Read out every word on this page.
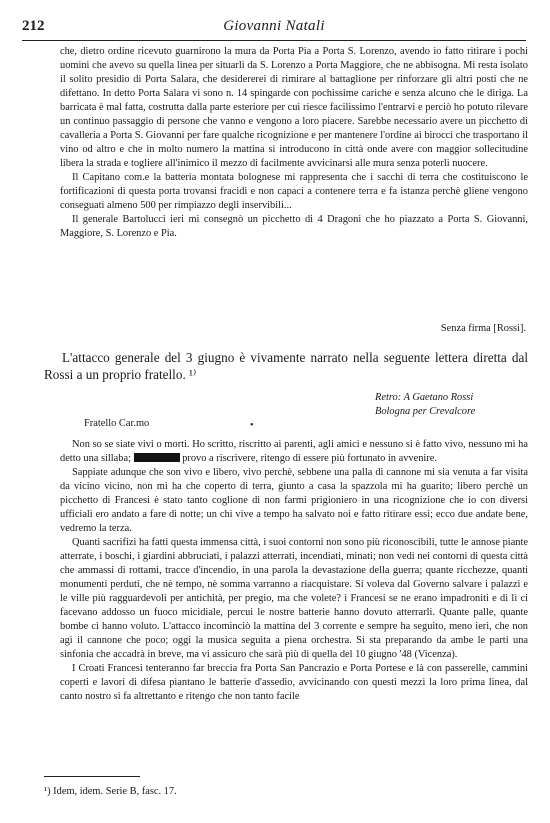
212	Giovanni Natali

che, dietro ordine ricevuto guarnirono la mura da Porta Pia a Porta S. Lorenzo, avendo io fatto ritirare i pochi uomini che avevo su quella linea per situarli da S. Lorenzo a Porta Maggiore, che ne abbisogna. Mi resta isolato il solito presidio di Porta Salara, che desidererei di rimirare al battaglione per rinforzare gli altri posti che ne difettano. In detto Porta Salara vi sono n. 14 spingarde con pochissime cariche e senza alcuno che le diriga. La barricata è mal fatta, costrutta dalla parte esteriore per cui riesce facilissimo l'entrarvi e perciò ho potuto rilevare un continuo passaggio di persone che vanno e vengono a loro piacere. Sarebbe necessario avere un picchetto di cavalleria a Porta S. Giovanni per fare qualche ricognizione e per mantenere l'ordine ai birocci che trasportano il vino od altro e che in molto numero la mattina si introducono in città onde avere con maggior sollecitudine libera la strada e togliere all'inimico il mezzo di facilmente avvicinarsi alle mura senza poterli nuocere.

Il Capitano com.e la batteria montata bolognese mi rappresenta che i sacchi di terra che costituiscono le fortificazioni di questa porta trovansi fracidi e non capaci a contenere terra e fa istanza perchè gliene vengono conseguati almeno 500 per rimpiazzo degli inservibili...

Il generale Bartolucci ieri mi consegnò un picchetto di 4 Dragoni che ho piazzato a Porta S. Giovanni, Maggiore, S. Lorenzo e Pia.

Senza firma [Rossi].

L'attacco generale del 3 giugno è vivamente narrato nella seguente lettera diretta dal Rossi a un proprio fratello. ¹⁾

Retro: A Gaetano Rossi
Bologna per Crevalcore
Fratello Car.mo	•

Non so se siate vivi o morti. Ho scritto, riscritto ai parenti, agli amici e nessuno si è fatto vivo, nessuno mi ha detto una sillaba;	provo a riscrivere, ritengo di essere più fortunato in avvenire.

Sappiate adunque che son vivo e libero, vivo perchè, sebbene una palla di cannone mi sia venuta a far visita da vicino vicino, non mi ha che coperto di terra, giunto a casa la spazzola mi ha guarito; libero perchè un picchetto di Francesi è stato tanto coglione di non farmi prigioniero in una ricognizione che io con diversi ufficiali ero andato a fare di notte; un chi vive a tempo ha salvato noi e fatto ritirare essi; ecco due andate bene, vedremo la terza.

Quanti sacrifizi ha fatti questa immensa città, i suoi contorni non sono più riconoscibili, tutte le annose piante atterrate, i boschi, i giardini abbruciati, i palazzi atterrati, incendiati, minati; non vedi nei contorni di questa città che ammassi di rottami, tracce d'incendio, in una parola la devastazione della guerra; quante ricchezze, quanti monumenti perduti, che nè tempo, nè somma varranno a riacquistare. Si voleva dal Governo salvare i palazzi e le ville più ragguardevoli per antichità, per pregio, ma che volete? i Francesi se ne erano impadroniti e di lì ci facevano addosso un fuoco micidiale, percui le nostre batterie hanno dovuto atterrarli. Quante palle, quante bombe ci hanno voluto. L'attacco incominciò la mattina del 3 corrente e sempre ha seguito, meno ieri, che non agì il cannone che poco; oggi la musica seguita a piena orchestra. Si sta preparando da ambe le parti una sinfonia che accadrà in breve, ma vi assicuro che sarà più di quella del 10 giugno '48 (Vicenza).

I Croati Francesi tenteranno far breccia fra Porta San Pancrazio e Porta Portese e là con passerelle, cammini coperti e lavori di difesa piantano le batterie d'assedio, avvicinando con questi mezzi la loro prima linea, dal canto nostro si fa altrettanto e ritengo che non tanto facile

¹) Idem, idem. Serie B, fasc. 17.
